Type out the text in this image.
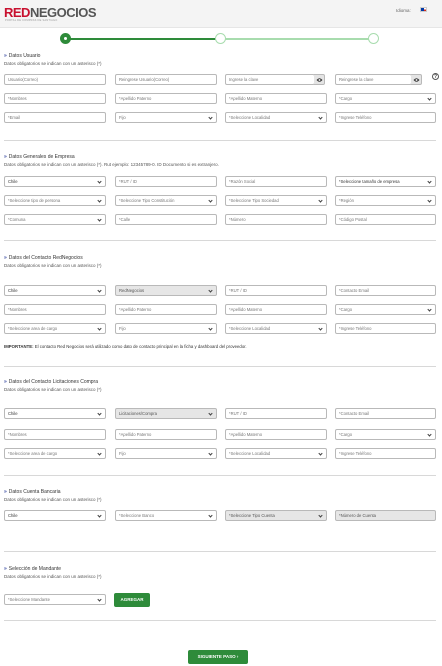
REDNEGOCIOS
PORTAL DE COMPRAS DE SANTIAGO
Idioma:
?
» Datos Usuario
Datos obligatorios se indican con un asterisco (*)
Usuario(Correo)	Reingrese Usuario(Correo)	Ingrese la clave	Reingrese la clave
*Nombres	*Apellido Paterno	*Apellido Materno	*Cargo
*Email	Fijo	*Seleccione Localidad	*Ingrese Teléfono
» Datos Generales de Empresa
Datos obligatorios se indican con un asterisco (*). Rut ejemplo: 12345789-0. ID Documento si es extranjero.
Chile	*RUT / ID	*Razón Social	*Seleccione tamaño de empresa
*Seleccione tipo de persona	*Seleccione Tipo Constitución	*Seleccione Tipo Sociedad	*Región
*Comuna	*Calle	*Número	*Código Postal
» Datos del Contacto RedNegocios
Datos obligatorios se indican con un asterisco (*)
Chile	RedNegocios	*RUT / ID	*Contacto Email
*Nombres	*Apellido Paterno	*Apellido Materno	*Cargo
*Seleccione area de cargo	Fijo	*Seleccione Localidad	*Ingrese Teléfono
IMPORTANTE: El contacto Red Negocios será utilizado como dato de contacto principal en la ficha y dashboard del proveedor.
» Datos del Contacto Licitaciones Compra
Datos obligatorios se indican con un asterisco (*)
Chile	Licitaciones/Compra	*RUT / ID	*Contacto Email
*Nombres	*Apellido Paterno	*Apellido Materno	*Cargo
*Seleccione area de cargo	Fijo	*Seleccione Localidad	*Ingrese Teléfono
» Datos Cuenta Bancaria
Datos obligatorios se indican con un asterisco (*)
Chile	*Seleccione Banco	*Seleccione Tipo Cuenta	*Número de Cuenta
» Selección de Mandante
Datos obligatorios se indican con un asterisco (*)
*Seleccione Mandante	AGREGAR
SIGUIENTE PASO ›
